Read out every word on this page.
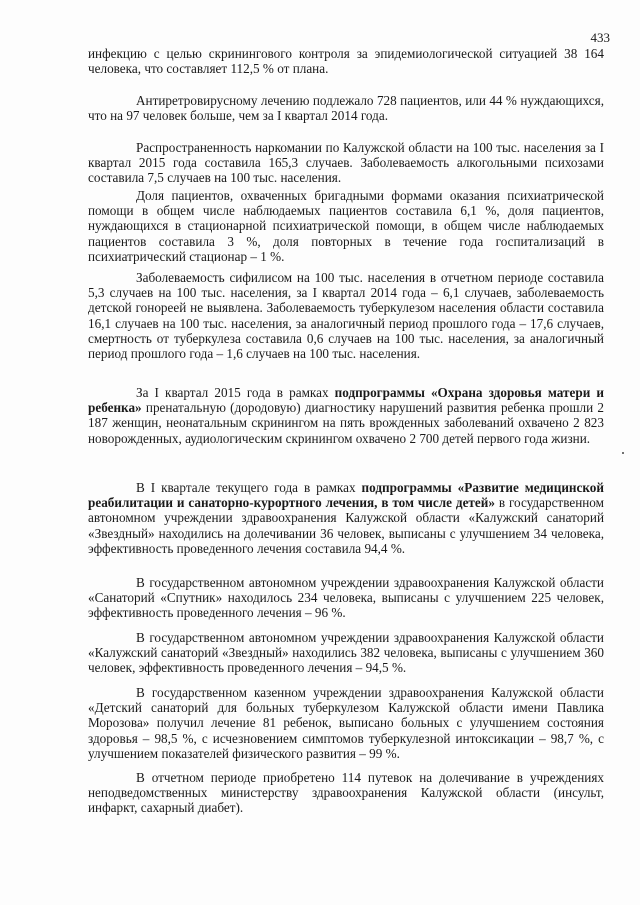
433

инфекцию с целью скринингового контроля за эпидемиологической ситуацией 38 164 человека, что составляет 112,5 % от плана.

Антиретровирусному лечению подлежало 728 пациентов, или 44 % нуждающихся, что на 97 человек больше, чем за I квартал 2014 года.

Распространенность наркомании по Калужской области на 100 тыс. населения за I квартал 2015 года составила 165,3 случаев. Заболеваемость алкогольными психозами составила 7,5 случаев на 100 тыс. населения.

Доля пациентов, охваченных бригадными формами оказания психиатрической помощи в общем числе наблюдаемых пациентов составила 6,1 %, доля пациентов, нуждающихся в стационарной психиатрической помощи, в общем числе наблюдаемых пациентов составила 3 %, доля повторных в течение года госпитализаций в психиатрический стационар – 1 %.

Заболеваемость сифилисом на 100 тыс. населения в отчетном периоде составила 5,3 случаев на 100 тыс. населения, за I квартал 2014 года – 6,1 случаев, заболеваемость детской гонореей не выявлена. Заболеваемость туберкулезом населения области составила 16,1 случаев на 100 тыс. населения, за аналогичный период прошлого года – 17,6 случаев, смертность от туберкулеза составила 0,6 случаев на 100 тыс. населения, за аналогичный период прошлого года – 1,6 случаев на 100 тыс. населения.

За I квартал 2015 года в рамках подпрограммы «Охрана здоровья матери и ребенка» пренатальную (дородовую) диагностику нарушений развития ребенка прошли 2 187 женщин, неонатальным скринингом на пять врожденных заболеваний охвачено 2 823 новорожденных, аудиологическим скринингом охвачено 2 700 детей первого года жизни.

В I квартале текущего года в рамках подпрограммы «Развитие медицинской реабилитации и санаторно-курортного лечения, в том числе детей» в государственном автономном учреждении здравоохранения Калужской области «Калужский санаторий «Звездный» находились на долечивании 36 человек, выписаны с улучшением 34 человека, эффективность проведенного лечения составила 94,4 %.

В государственном автономном учреждении здравоохранения Калужской области «Санаторий «Спутник» находилось 234 человека, выписаны с улучшением 225 человек, эффективность проведенного лечения – 96 %.

В государственном автономном учреждении здравоохранения Калужской области «Калужский санаторий «Звездный» находились 382 человека, выписаны с улучшением 360 человек, эффективность проведенного лечения – 94,5 %.

В государственном казенном учреждении здравоохранения Калужской области «Детский санаторий для больных туберкулезом Калужской области имени Павлика Морозова» получил лечение 81 ребенок, выписано больных с улучшением состояния здоровья – 98,5 %, с исчезновением симптомов туберкулезной интоксикации – 98,7 %, с улучшением показателей физического развития – 99 %.

В отчетном периоде приобретено 114 путевок на долечивание в учреждениях неподведомственных министерству здравоохранения Калужской области (инсульт, инфаркт, сахарный диабет).
